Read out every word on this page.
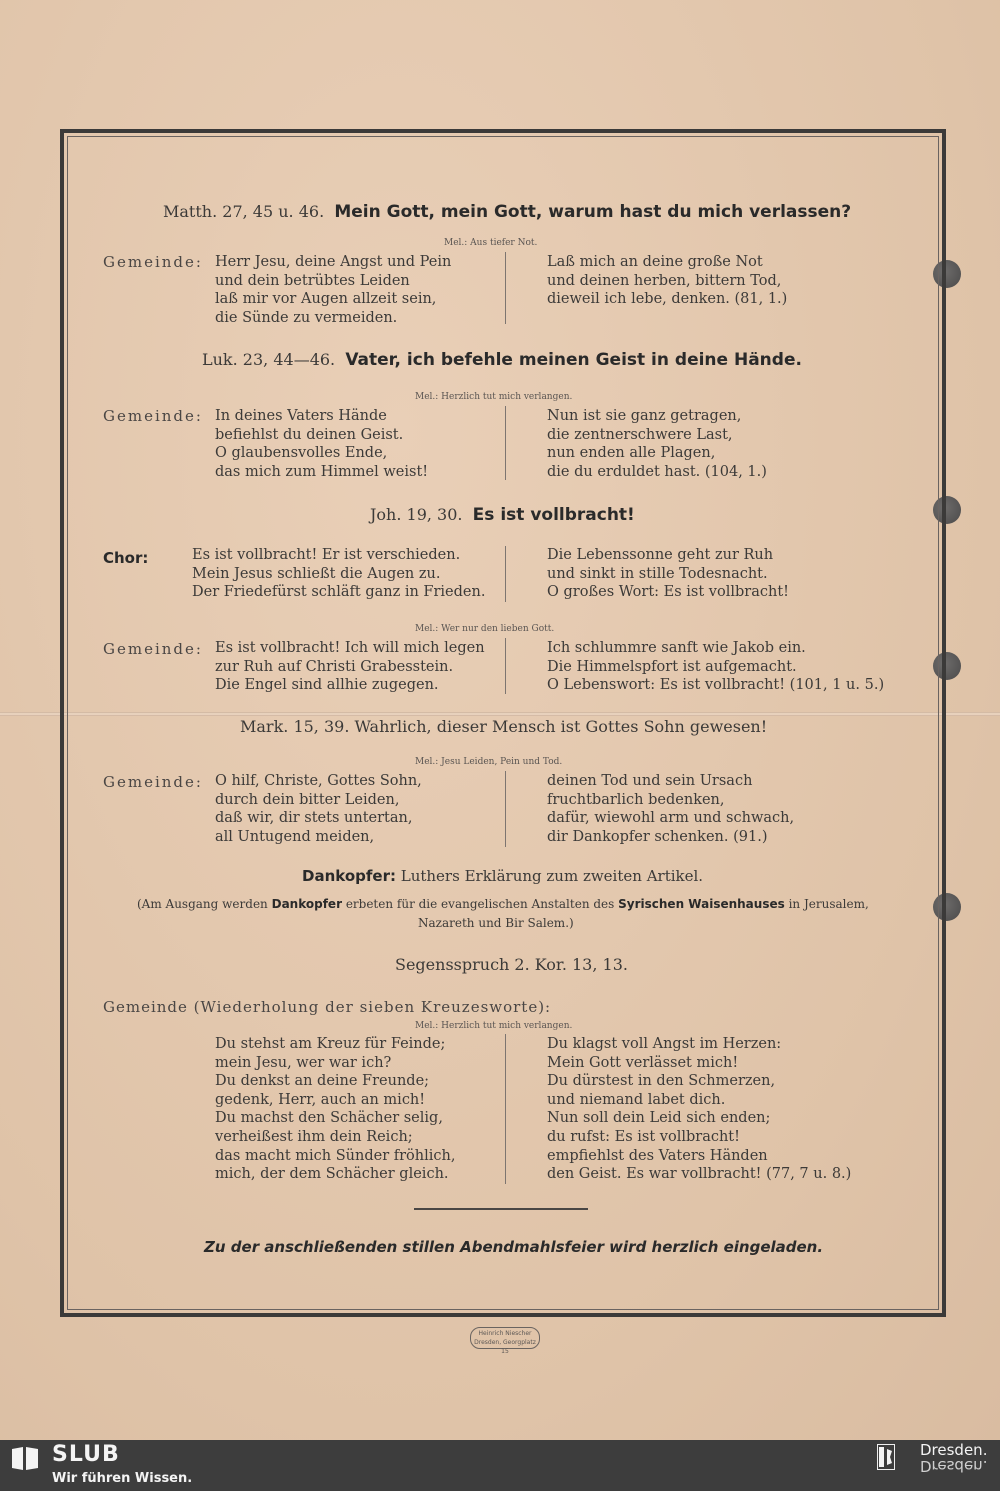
Matth. 27, 45 u. 46. Mein Gott, mein Gott, warum hast du mich verlassen?
Mel.: Aus tiefer Not.
Gemeinde: Herr Jesu, deine Angst und Pein
und dein betrübtes Leiden
laß mir vor Augen allzeit sein,
die Sünde zu vermeiden.
Laß mich an deine große Not
und deinen herben, bittern Tod,
dieweil ich lebe, denken. (81, 1.)
Luk. 23, 44—46. Vater, ich befehle meinen Geist in deine Hände.
Mel.: Herzlich tut mich verlangen.
Gemeinde: In deines Vaters Hände
befiehlst du deinen Geist.
O glaubensvolles Ende,
das mich zum Himmel weist!
Nun ist sie ganz getragen,
die zentnerschwere Last,
nun enden alle Plagen,
die du erduldet hast. (104, 1.)
Joh. 19, 30. Es ist vollbracht!
Chor:	Es ist vollbracht! Er ist verschieden.
Mein Jesus schließt die Augen zu.
Der Friedefürst schläft ganz in Frieden.
Die Lebenssonne geht zur Ruh
und sinkt in stille Todesnacht.
O großes Wort: Es ist vollbracht!
Mel.: Wer nur den lieben Gott.
Gemeinde: Es ist vollbracht! Ich will mich legen
zur Ruh auf Christi Grabesstein.
Die Engel sind allhie zugegen.
Ich schlummre sanft wie Jakob ein.
Die Himmelspfort ist aufgemacht.
O Lebenswort: Es ist vollbracht! (101, 1 u. 5.)
Mark. 15, 39. Wahrlich, dieser Mensch ist Gottes Sohn gewesen!
Mel.: Jesu Leiden, Pein und Tod.
Gemeinde: O hilf, Christe, Gottes Sohn,
durch dein bitter Leiden,
daß wir, dir stets untertan,
all Untugend meiden,
deinen Tod und sein Ursach
fruchtbarlich bedenken,
dafür, wiewohl arm und schwach,
dir Dankopfer schenken. (91.)
Dankopfer: Luthers Erklärung zum zweiten Artikel.
(Am Ausgang werden Dankopfer erbeten für die evangelischen Anstalten des Syrischen Waisenhauses in Jerusalem,
Nazareth und Bir Salem.)
Segensspruch 2. Kor. 13, 13.
Gemeinde (Wiederholung der sieben Kreuzesworte):
Mel.: Herzlich tut mich verlangen.
Du stehst am Kreuz für Feinde;
mein Jesu, wer war ich?
Du denkst an deine Freunde;
gedenk, Herr, auch an mich!
Du machst den Schächer selig,
verheißest ihm dein Reich;
das macht mich Sünder fröhlich,
mich, der dem Schächer gleich.
Du klagst voll Angst im Herzen:
Mein Gott verlässet mich!
Du dürstest in den Schmerzen,
und niemand labet dich.
Nun soll dein Leid sich enden;
du rufst: Es ist vollbracht!
empfiehlst des Vaters Händen
den Geist. Es war vollbracht! (77, 7 u. 8.)
Zu der anschließenden stillen Abendmahlsfeier wird herzlich eingeladen.
Heinrich Niescher
Dresden, Georgplatz 15
SLUB
Wir führen Wissen.
Dresden.
Dresden.
